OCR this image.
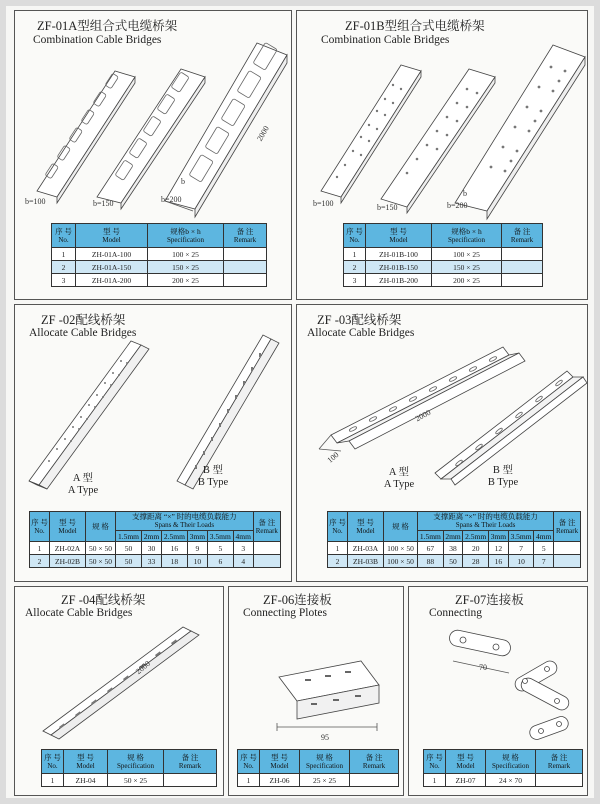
ZF-01A型组合式电缆桥架
Combination Cable Bridges
b=100	b=150	b=200
b
2000
序 号
No.	型 号
Model	规格b × h
Specification	备 注
Remark

1	ZH-01A-100	100 × 25	
2	ZH-01A-150	150 × 25	
3	ZH-01A-200	200 × 25	
ZF-01B型组合式电缆桥架
Combination Cable Bridges
b=100	b=150	b=200
b
序 号
No.	型 号
Model	规格b × h
Specification	备 注
Remark

1	ZH-01B-100	100 × 25	
2	ZH-01B-150	150 × 25	
3	ZH-01B-200	200 × 25	
ZF -02配线桥架
Allocate Cable Bridges
A 型
A Type
B 型
B Type
序 号
No.	型 号
Model	规 格	支撑距离 “×” 时的电缆负载能力
Spans & Their Loads						备 注
Remark

			1.5mm	2mm	2.5mm	3mm	3.5mm	4mm	
1	ZH-02A	50 × 50	50	30	16	9	5	3	
2	ZH-02B	50 × 50	50	33	18	10	6	4	
ZF -03配线桥架
Allocate Cable Bridges
100
2000
A 型
A Type
B 型
B Type
序 号
No.	型 号
Model	规 格	支撑距离 “×” 时的电缆负载能力
Spans & Their Loads						备 注
Remark

			1.5mm	2mm	2.5mm	3mm	3.5mm	4mm	
1	ZH-03A	100 × 50	67	38	20	12	7	5	
2	ZH-03B	100 × 50	88	50	28	16	10	7	
ZF -04配线桥架
Allocate Cable Bridges
2000
序 号
No.	型 号
Model	规 格
Specification	备 注
Remark

1	ZH-04	50 × 25	
ZF-06连接板
Connecting Plotes
95
序 号
No.	型 号
Model	规 格
Specification	备 注
Remark

1	ZH-06	25 × 25	
ZF-07连接板
Connecting
70
序 号
No.	型 号
Model	规 格
Specification	备 注
Remark

1	ZH-07	24 × 70	
